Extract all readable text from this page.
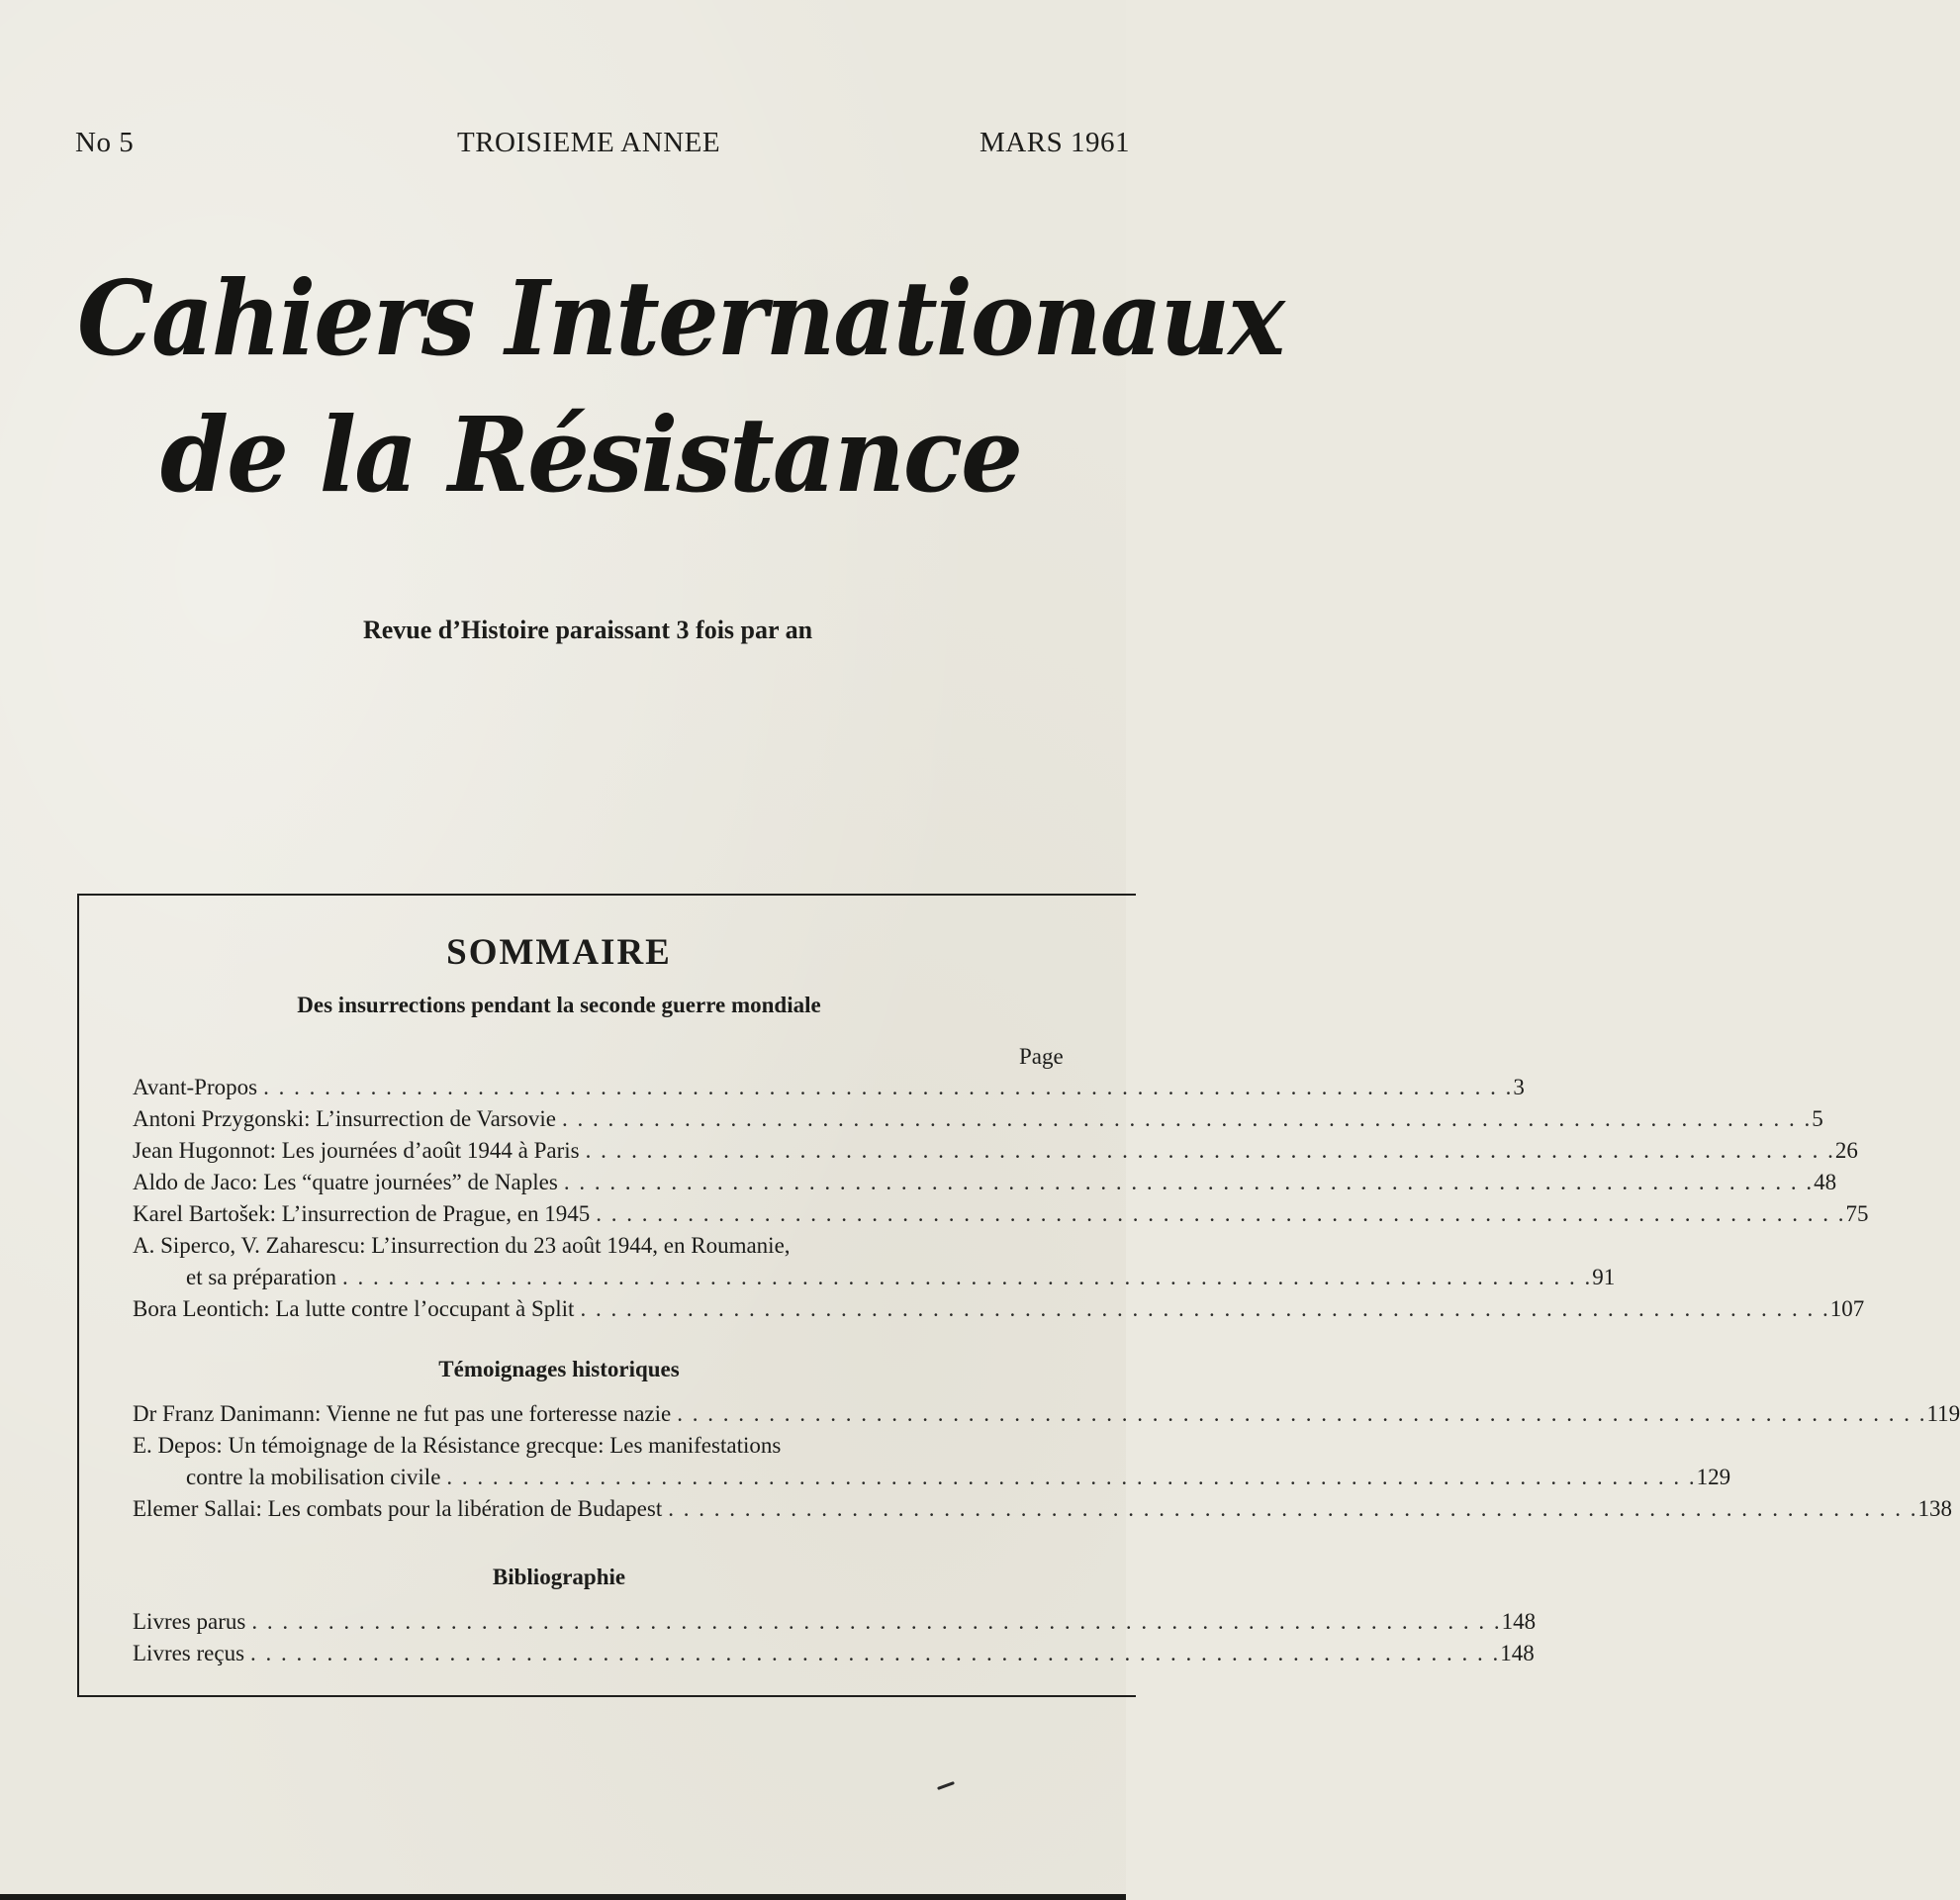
No 5	TROISIEME ANNEE	MARS 1961
Cahiers Internationaux
de la Résistance
Revue d’Histoire paraissant 3 fois par an
SOMMAIRE
Des insurrections pendant la seconde guerre mondiale
Page
Avant-Propos . . .	3
Antoni Przygonski: L’insurrection de Varsovie . . .	5
Jean Hugonnot: Les journées d’août 1944 à Paris . . .	26
Aldo de Jaco: Les “quatre journées” de Naples . . .	48
Karel Bartošek: L’insurrection de Prague, en 1945 . . .	75
A. Siperco, V. Zaharescu: L’insurrection du 23 août 1944, en Roumanie,
et sa préparation . . .	91
Bora Leontich: La lutte contre l’occupant à Split . . .	107
Témoignages historiques
Dr Franz Danimann: Vienne ne fut pas une forteresse nazie . . .	119
E. Depos: Un témoignage de la Résistance grecque: Les manifestations
contre la mobilisation civile . . .	129
Elemer Sallai: Les combats pour la libération de Budapest . . .	138
Bibliographie
Livres parus . . .	148
Livres reçus . . .	148
